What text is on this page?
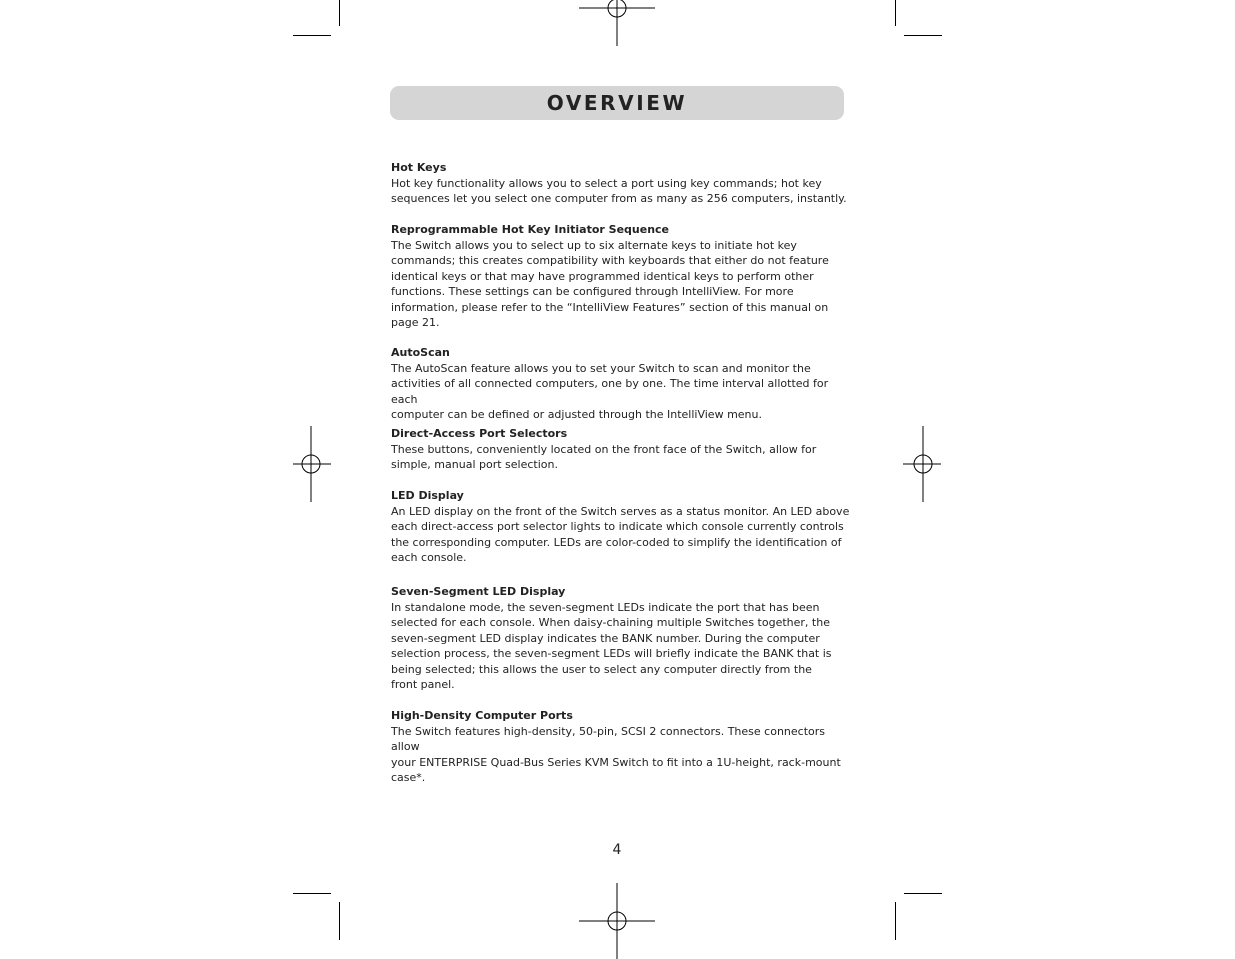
OVERVIEW
Hot Keys

Hot key functionality allows you to select a port using key commands; hot key
sequences let you select one computer from as many as 256 computers, instantly.

Reprogrammable Hot Key Initiator Sequence

The Switch allows you to select up to six alternate keys to initiate hot key
commands; this creates compatibility with keyboards that either do not feature
identical keys or that may have programmed identical keys to perform other
functions. These settings can be configured through IntelliView. For more
information, please refer to the “IntelliView Features” section of this manual on
page 21.

AutoScan

The AutoScan feature allows you to set your Switch to scan and monitor the
activities of all connected computers, one by one. The time interval allotted for each
computer can be defined or adjusted through the IntelliView menu.

Direct-Access Port Selectors

These buttons, conveniently located on the front face of the Switch, allow for
simple, manual port selection.

LED Display

An LED display on the front of the Switch serves as a status monitor. An LED above
each direct-access port selector lights to indicate which console currently controls
the corresponding computer. LEDs are color-coded to simplify the identification of
each console.

Seven-Segment LED Display

In standalone mode, the seven-segment LEDs indicate the port that has been
selected for each console. When daisy-chaining multiple Switches together, the
seven-segment LED display indicates the BANK number. During the computer
selection process, the seven-segment LEDs will briefly indicate the BANK that is
being selected; this allows the user to select any computer directly from the
front panel.

High-Density Computer Ports

The Switch features high-density, 50-pin, SCSI 2 connectors. These connectors allow
your ENTERPRISE Quad-Bus Series KVM Switch to fit into a 1U-height, rack-mount case*.

4
